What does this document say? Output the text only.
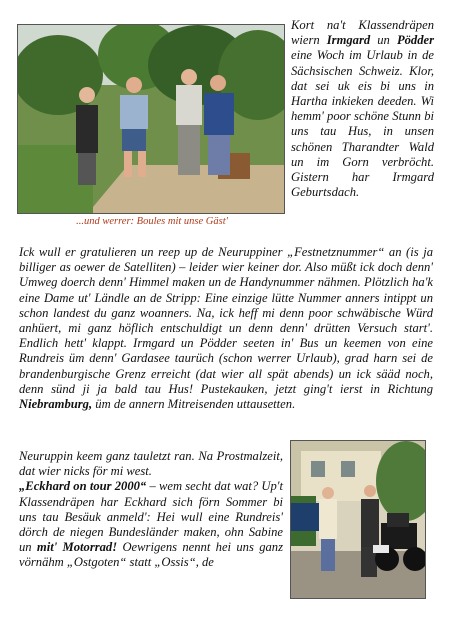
...und werrer: Boules mit unse Gäst'

Kort na't Klassendräpen wiern Irmgard un Pödder eine Woch im Urlaub in de Sächsischen Schweiz. Klor, dat sei uk eis bi uns in Hartha inkieken deeden. Wi hemm' poor schöne Stunn bi uns tau Hus, in unsen schönen Tharandter Wald un im Gorn verbröcht. Gistern har Irmgard Geburtsdach.

Ick wull er gratulieren un reep up de Neuruppiner „Festnetznummer“ an (is ja billiger as oewer de Satelliten) – leider wier keiner dor. Also müßt ick doch denn' Umweg doerch denn' Himmel maken un de Handynummer nähmen. Plötzlich ha'k eine Dame ut' Ländle an de Stripp: Eine einzige lütte Nummer anners intippt un schon landest du ganz woanners. Na, ick heff mi denn poor schwäbische Würd anhüert, mi ganz höflich entschuldigt un denn denn' drütten Versuch start'. Endlich hett' klappt. Irmgard un Pödder seeten in' Bus un keemen von eine Rundreis üm denn' Gardasee taurüch (schon werrer Urlaub), grad harn sei de brandenburgische Grenz erreicht (dat wier all spät abends) un ick sääd noch, denn sünd ji ja bald tau Hus! Pustekauken, jetzt ging't ierst in Richtung Niebramburg, üm de annern Mitreisenden uttausetten.

Neuruppin keem ganz tauletzt ran. Na Prostmalzeit, dat wier nicks för mi west.

„Eckhard on tour 2000“ – wem secht dat wat? Up't Klassendräpen har Eckhard sich förn Sommer bi uns tau Besäuk anmeld': Hei wull eine Rundreis' dörch de niegen Bundesländer maken, ohn Sabine un mit' Motorrad! Oewrigens nennt hei uns ganz vörnähm „Ostgoten“ statt „Ossis“, de
